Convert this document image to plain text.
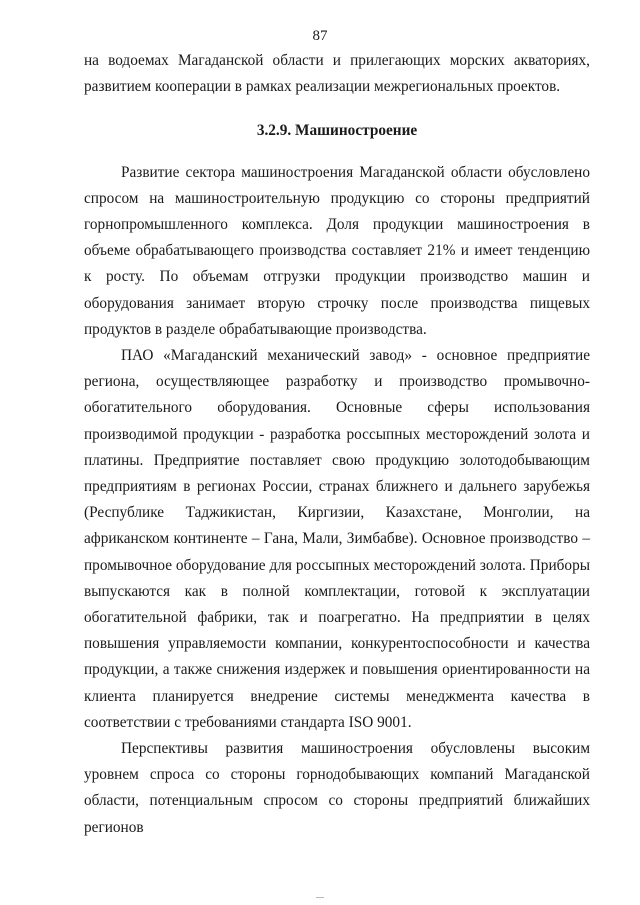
87

на водоемах Магаданской области и прилегающих морских акваториях, развитием кооперации в рамках реализации межрегиональных проектов.

3.2.9. Машиностроение

Развитие сектора машиностроения Магаданской области обусловлено спросом на машиностроительную продукцию со стороны предприятий горнопромышленного комплекса. Доля продукции машиностроения в объеме обрабатывающего производства составляет 21% и имеет тенденцию к росту. По объемам отгрузки продукции производство машин и оборудования занимает вторую строчку после производства пищевых продуктов в разделе обрабатывающие производства.

ПАО «Магаданский механический завод» - основное предприятие региона, осуществляющее разработку и производство промывочно-обогатительного оборудования. Основные сферы использования производимой продукции - разработка россыпных месторождений золота и платины. Предприятие поставляет свою продукцию золотодобывающим предприятиям в регионах России, странах ближнего и дальнего зарубежья (Республике Таджикистан, Киргизии, Казахстане, Монголии, на африканском континенте – Гана, Мали, Зимбабве). Основное производство – промывочное оборудование для россыпных месторождений золота. Приборы выпускаются как в полной комплектации, готовой к эксплуатации обогатительной фабрики, так и поагрегатно. На предприятии в целях повышения управляемости компании, конкурентоспособности и качества продукции, а также снижения издержек и повышения ориентированности на клиента планируется внедрение системы менеджмента качества в соответствии с требованиями стандарта ISO 9001.

Перспективы развития машиностроения обусловлены высоким уровнем спроса со стороны горнодобывающих компаний Магаданской области, потенциальным спросом со стороны предприятий ближайших регионов
